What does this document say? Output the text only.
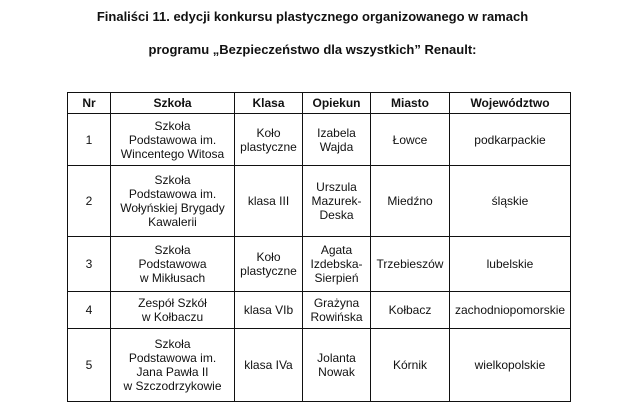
Finaliści 11. edycji konkursu plastycznego organizowanego w ramach
programu „Bezpieczeństwo dla wszystkich” Renault:
Nr	Szkoła	Klasa	Opiekun	Miasto	Województwo
1	Szkoła
Podstawowa im.
Wincentego Witosa	Koło
plastyczne	Izabela
Wajda	Łowce	podkarpackie
2	Szkoła
Podstawowa im.
Wołyńskiej Brygady
Kawalerii	klasa III	Urszula
Mazurek-
Deska	Miedźno	śląskie
3	Szkoła
Podstawowa
w Mikłusach	Koło
plastyczne	Agata
Izdebska-
Sierpień	Trzebieszów	lubelskie
4	Zespół Szkół
w Kołbaczu	klasa VIb	Grażyna
Rowińska	Kołbacz	zachodniopomorskie
5	Szkoła
Podstawowa im.
Jana Pawła II
w Szczodrzykowie	klasa IVa	Jolanta
Nowak	Kórnik	wielkopolskie
